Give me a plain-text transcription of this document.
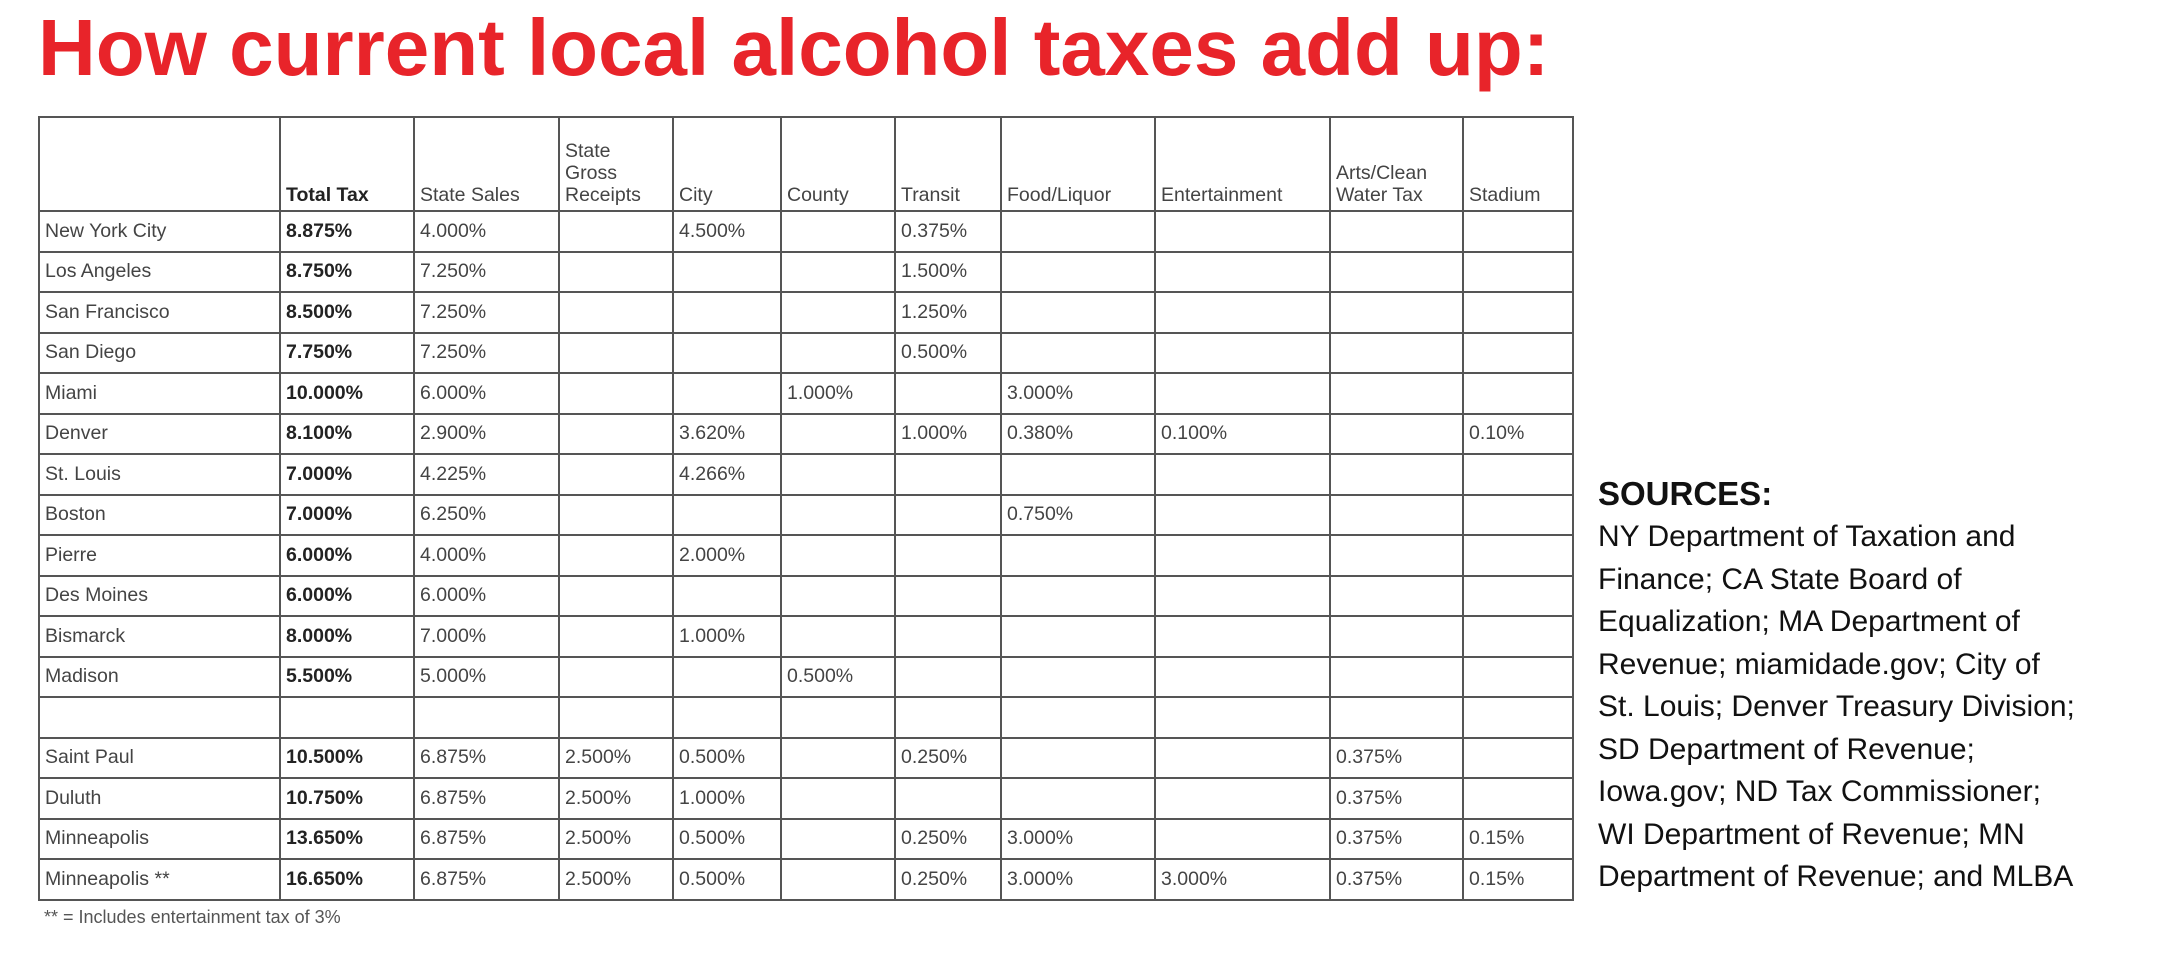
How current local alcohol taxes add up:
	Total Tax	State Sales	State Gross Receipts	City	County	Transit	Food/Liquor	Entertainment	Arts/Clean Water Tax	Stadium
New York City	8.875%	4.000%		4.500%		0.375%				
Los Angeles	8.750%	7.250%				1.500%				
San Francisco	8.500%	7.250%				1.250%				
San Diego	7.750%	7.250%				0.500%				
Miami	10.000%	6.000%			1.000%		3.000%			
Denver	8.100%	2.900%		3.620%		1.000%	0.380%	0.100%		0.10%
St. Louis	7.000%	4.225%		4.266%						
Boston	7.000%	6.250%					0.750%			
Pierre	6.000%	4.000%		2.000%						
Des Moines	6.000%	6.000%								
Bismarck	8.000%	7.000%		1.000%						
Madison	5.500%	5.000%			0.500%					

Saint Paul	10.500%	6.875%	2.500%	0.500%		0.250%			0.375%	
Duluth	10.750%	6.875%	2.500%	1.000%					0.375%	
Minneapolis	13.650%	6.875%	2.500%	0.500%		0.250%	3.000%		0.375%	0.15%
Minneapolis **	16.650%	6.875%	2.500%	0.500%		0.250%	3.000%	3.000%	0.375%	0.15%
** = Includes entertainment tax of 3%										
SOURCES:
NY Department of Taxation and
Finance; CA State Board of
Equalization; MA Department of
Revenue; miamidade.gov; City of
St. Louis; Denver Treasury Division;
SD Department of Revenue;
Iowa.gov; ND Tax Commissioner;
WI Department of Revenue; MN
Department of Revenue; and MLBA
